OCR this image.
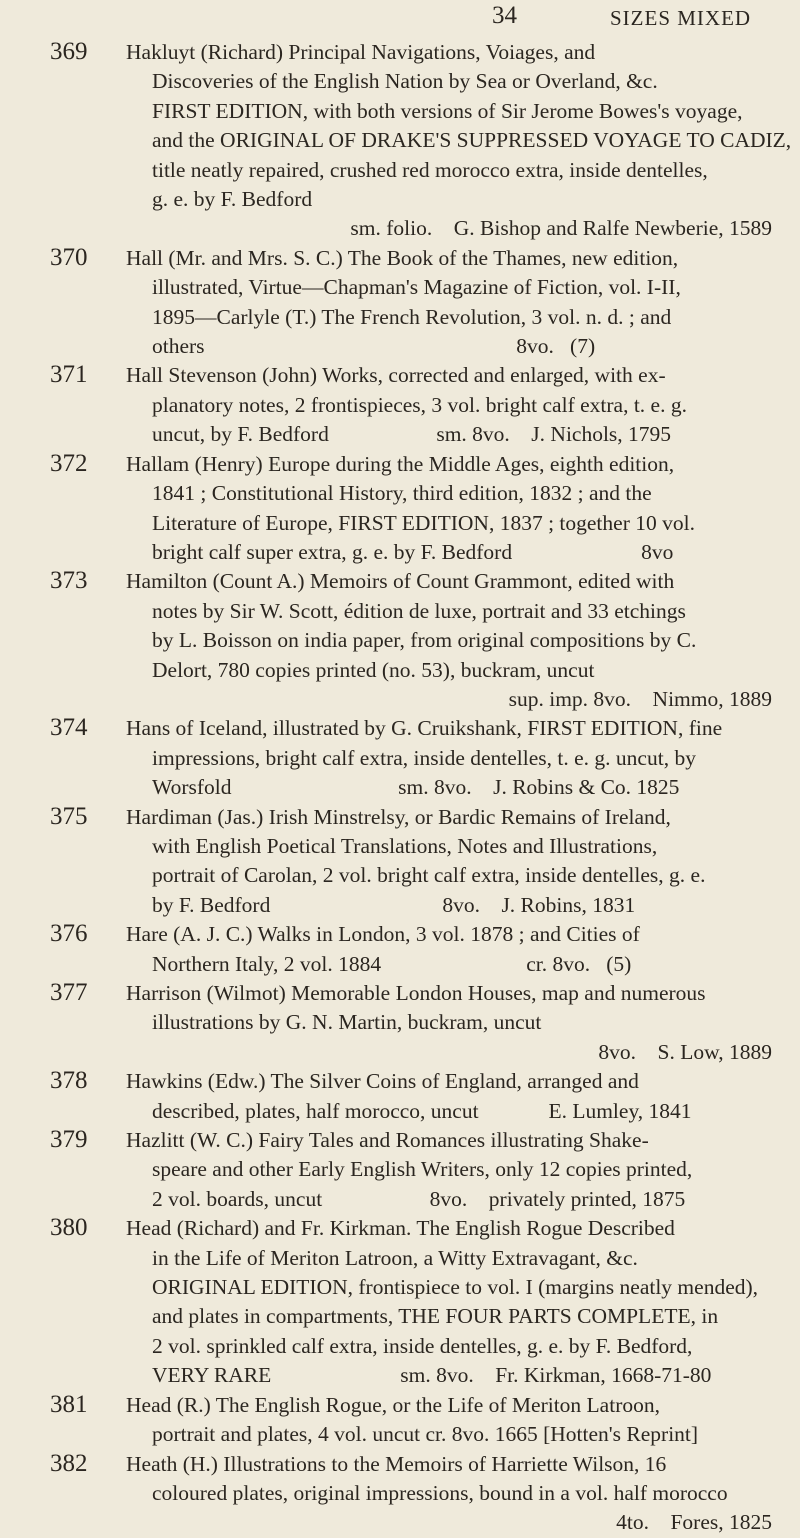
34	SIZES MIXED
369 Hakluyt (Richard) Principal Navigations, Voiages, and
Discoveries of the English Nation by Sea or Overland, &c.
FIRST EDITION, with both versions of Sir Jerome Bowes's voyage,
and the ORIGINAL OF DRAKE'S SUPPRESSED VOYAGE TO CADIZ,
title neatly repaired, crushed red morocco extra, inside dentelles,
g. e. by F. Bedford
sm. folio.    G. Bishop and Ralfe Newberie, 1589
370 Hall (Mr. and Mrs. S. C.) The Book of the Thames, new edition,
illustrated, Virtue—Chapman's Magazine of Fiction, vol. I-II,
1895—Carlyle (T.) The French Revolution, 3 vol. n. d. ; and
others                                                          8vo.   (7)
371 Hall Stevenson (John) Works, corrected and enlarged, with ex-
planatory notes, 2 frontispieces, 3 vol. bright calf extra, t. e. g.
uncut, by F. Bedford                    sm. 8vo.    J. Nichols, 1795
372 Hallam (Henry) Europe during the Middle Ages, eighth edition,
1841 ; Constitutional History, third edition, 1832 ; and the
Literature of Europe, FIRST EDITION, 1837 ; together 10 vol.
bright calf super extra, g. e. by F. Bedford                        8vo
373 Hamilton (Count A.) Memoirs of Count Grammont, edited with
notes by Sir W. Scott, édition de luxe, portrait and 33 etchings
by L. Boisson on india paper, from original compositions by C.
Delort, 780 copies printed (no. 53), buckram, uncut
sup. imp. 8vo.    Nimmo, 1889
374 Hans of Iceland, illustrated by G. Cruikshank, FIRST EDITION, fine
impressions, bright calf extra, inside dentelles, t. e. g. uncut, by
Worsfold                               sm. 8vo.    J. Robins & Co. 1825
375 Hardiman (Jas.) Irish Minstrelsy, or Bardic Remains of Ireland,
with English Poetical Translations, Notes and Illustrations,
portrait of Carolan, 2 vol. bright calf extra, inside dentelles, g. e.
by F. Bedford                                8vo.    J. Robins, 1831
376 Hare (A. J. C.) Walks in London, 3 vol. 1878 ; and Cities of
Northern Italy, 2 vol. 1884                           cr. 8vo.   (5)
377 Harrison (Wilmot) Memorable London Houses, map and numerous
illustrations by G. N. Martin, buckram, uncut
8vo.    S. Low, 1889
378 Hawkins (Edw.) The Silver Coins of England, arranged and
described, plates, half morocco, uncut             E. Lumley, 1841
379 Hazlitt (W. C.) Fairy Tales and Romances illustrating Shake-
speare and other Early English Writers, only 12 copies printed,
2 vol. boards, uncut                    8vo.    privately printed, 1875
380 Head (Richard) and Fr. Kirkman. The English Rogue Described
in the Life of Meriton Latroon, a Witty Extravagant, &c.
ORIGINAL EDITION, frontispiece to vol. I (margins neatly mended),
and plates in compartments, THE FOUR PARTS COMPLETE, in
2 vol. sprinkled calf extra, inside dentelles, g. e. by F. Bedford,
VERY RARE                        sm. 8vo.    Fr. Kirkman, 1668-71-80
381 Head (R.) The English Rogue, or the Life of Meriton Latroon,
portrait and plates, 4 vol. uncut cr. 8vo. 1665 [Hotten's Reprint]
382 Heath (H.) Illustrations to the Memoirs of Harriette Wilson, 16
coloured plates, original impressions, bound in a vol. half morocco
4to.    Fores, 1825
